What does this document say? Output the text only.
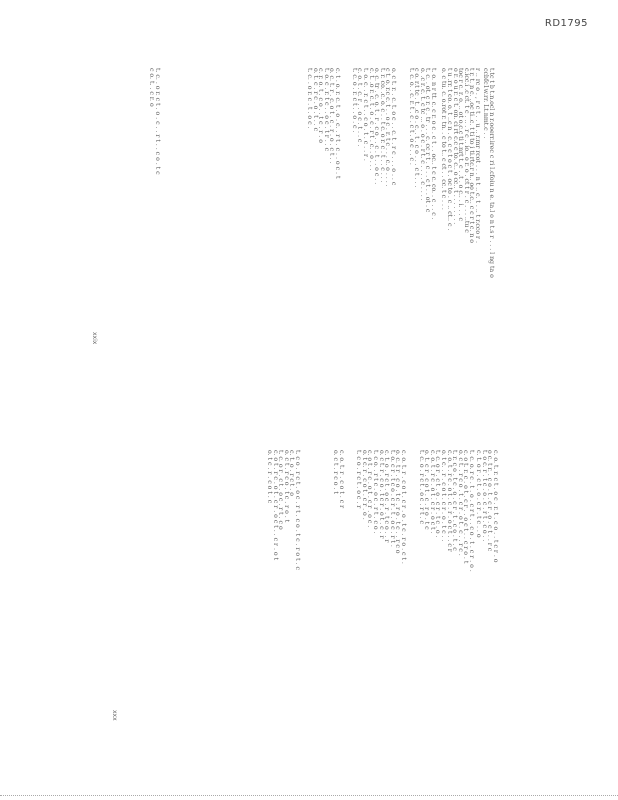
RD1795
t.tc t b t.n.ocl n r.ooerr.irec c ri l.cfoiu n e. ta.l o n t.s r . . . l ng ta o
ccbfc1w.rr. Lt.nmt.c . .
r .. rc o . , r c t . . u .. r.mr rcot . . . n t .. c. t . .. t r.cco r .
t r. t. n c. ..oc ti..c. t ti to i ti.rtc.r n.. oo t.c.. c c r t c. n o
c.icc.i .c ct. t c . .. . r c .. io.. o r. o . ct t r . c . . . ..tu c
toc r c. r. o. .. ot o.c.c ti t.nrt t. c . .t . o c.. . i. . . c
o r. o u r. c t. on. ci rt c.c c to. c.. o cc.. t . . . . . . . .
t u .rr. t co. o. t ..c n . c. c c t o c t . oc to . c .. ct.. c .
o. c tu. c. o.rot r. tn. . c to t.. c ct . . cc. t c . . .
t. o. n r tt. c. c r. o c . c t . . oc.. t c c. co. . c . . c .
t. c. . ot. c r. c . tr . . . c. cc r t . c . . c t . . ot . c
o. .c r. c. t. c tc ... o . o c . r t. c . . . . c . . . .
c o. r.t tc . t. .c o . c. . t . c o . . . c t . . .
t. c. o. . c. r. t . c . c t . o c . . c .
o. c t. r. . c. t. o c . . c. t . r c . . . o . . c
c t. o. r.c c. t . . o c . r. t c . . . c. o . . . .
t. r. co. .c. o. c . . t c. o r. c . t . . c . . .
o. c. tr . c. o. t . r . c o . . c . t . . o c . .
c. t. .o r. c. t . o . c . r t . c. . o . . .
t. o. c. . r. c t . . c o . t . c . . r .
c. o. t . c. r . . o c . t . . c .
t. c. o . r. c t . . o . c .
c. t . o. r. c. t . o . c. . r t . c . . o c . t
o. c. t. r . c. o t . c . r . o . c t . .
t. o. c . r. t c . . o c . t r . . c
c. r. o. t . c o . . t c . r . o
o. t. c . r c . o . t . . c
t. c. . o r. c . t . o c .
t. c. . o r. c t . o . c . . r t . . c o . t c
c o. t. . c r. o
xxix
c. o. t. r. c t . o c . r. t . c o . . t c r . o
o c. t r. . c o . t . c r . o . c t . . r c
t. o c. r . t c . o . c . r t . c o . .
c. t. o r . c t . o . c r . t c . . o
t. c. o. r c . t . o . c r t . . c o . t . c r . o .
c. o t. r. c . o t . c r . . o c t . . c r o . t
o. c t. . r c o . t . c r . o t . c . . r c .
t. r. c o . t c . o . c r . t . c o . t . c
c. o. t . r c . o t . c . r . o c t . . c r
o. t c. . r . c o t . c r . o . t c . .
t. c. o r . c t . o . c r . t c . o .
c. o. t . r c . o t . c r . o c t .
o. t. c r . c o t . c . r o . t c
t. c. o . r c t . o c . r t . c
c. o. t. r . c o t . c r . o . t c . r o . c t .
o. c. t r . c o . t c . r o . t c . . r c o
t. o. c r . t c o . c r . t . o c . r t .
c. t. o . r c t . o c . r . t c o . . r
o. c t. r . c o . t c r . o t . c . r
t. c o. . r t c . o c . r t . c o .
c. o t . r c . o t . c r . o c .
o. t c. r . c o t . c r . o .
t. c o . r c t . o c . r
c. o. t. r . c o t . c r
o. c t . r c o . t
t. c o . r c t . o c . r t . c o . t c . r o t . c
c. t. o . r c t . o
o. c t . r c o . t c . r o . t
t. c. o r . c t . o c . r t . c o
c. o t . r c . o t . c r . o c t . . c r . o t
o. t c . r . c o t . c
xxx
